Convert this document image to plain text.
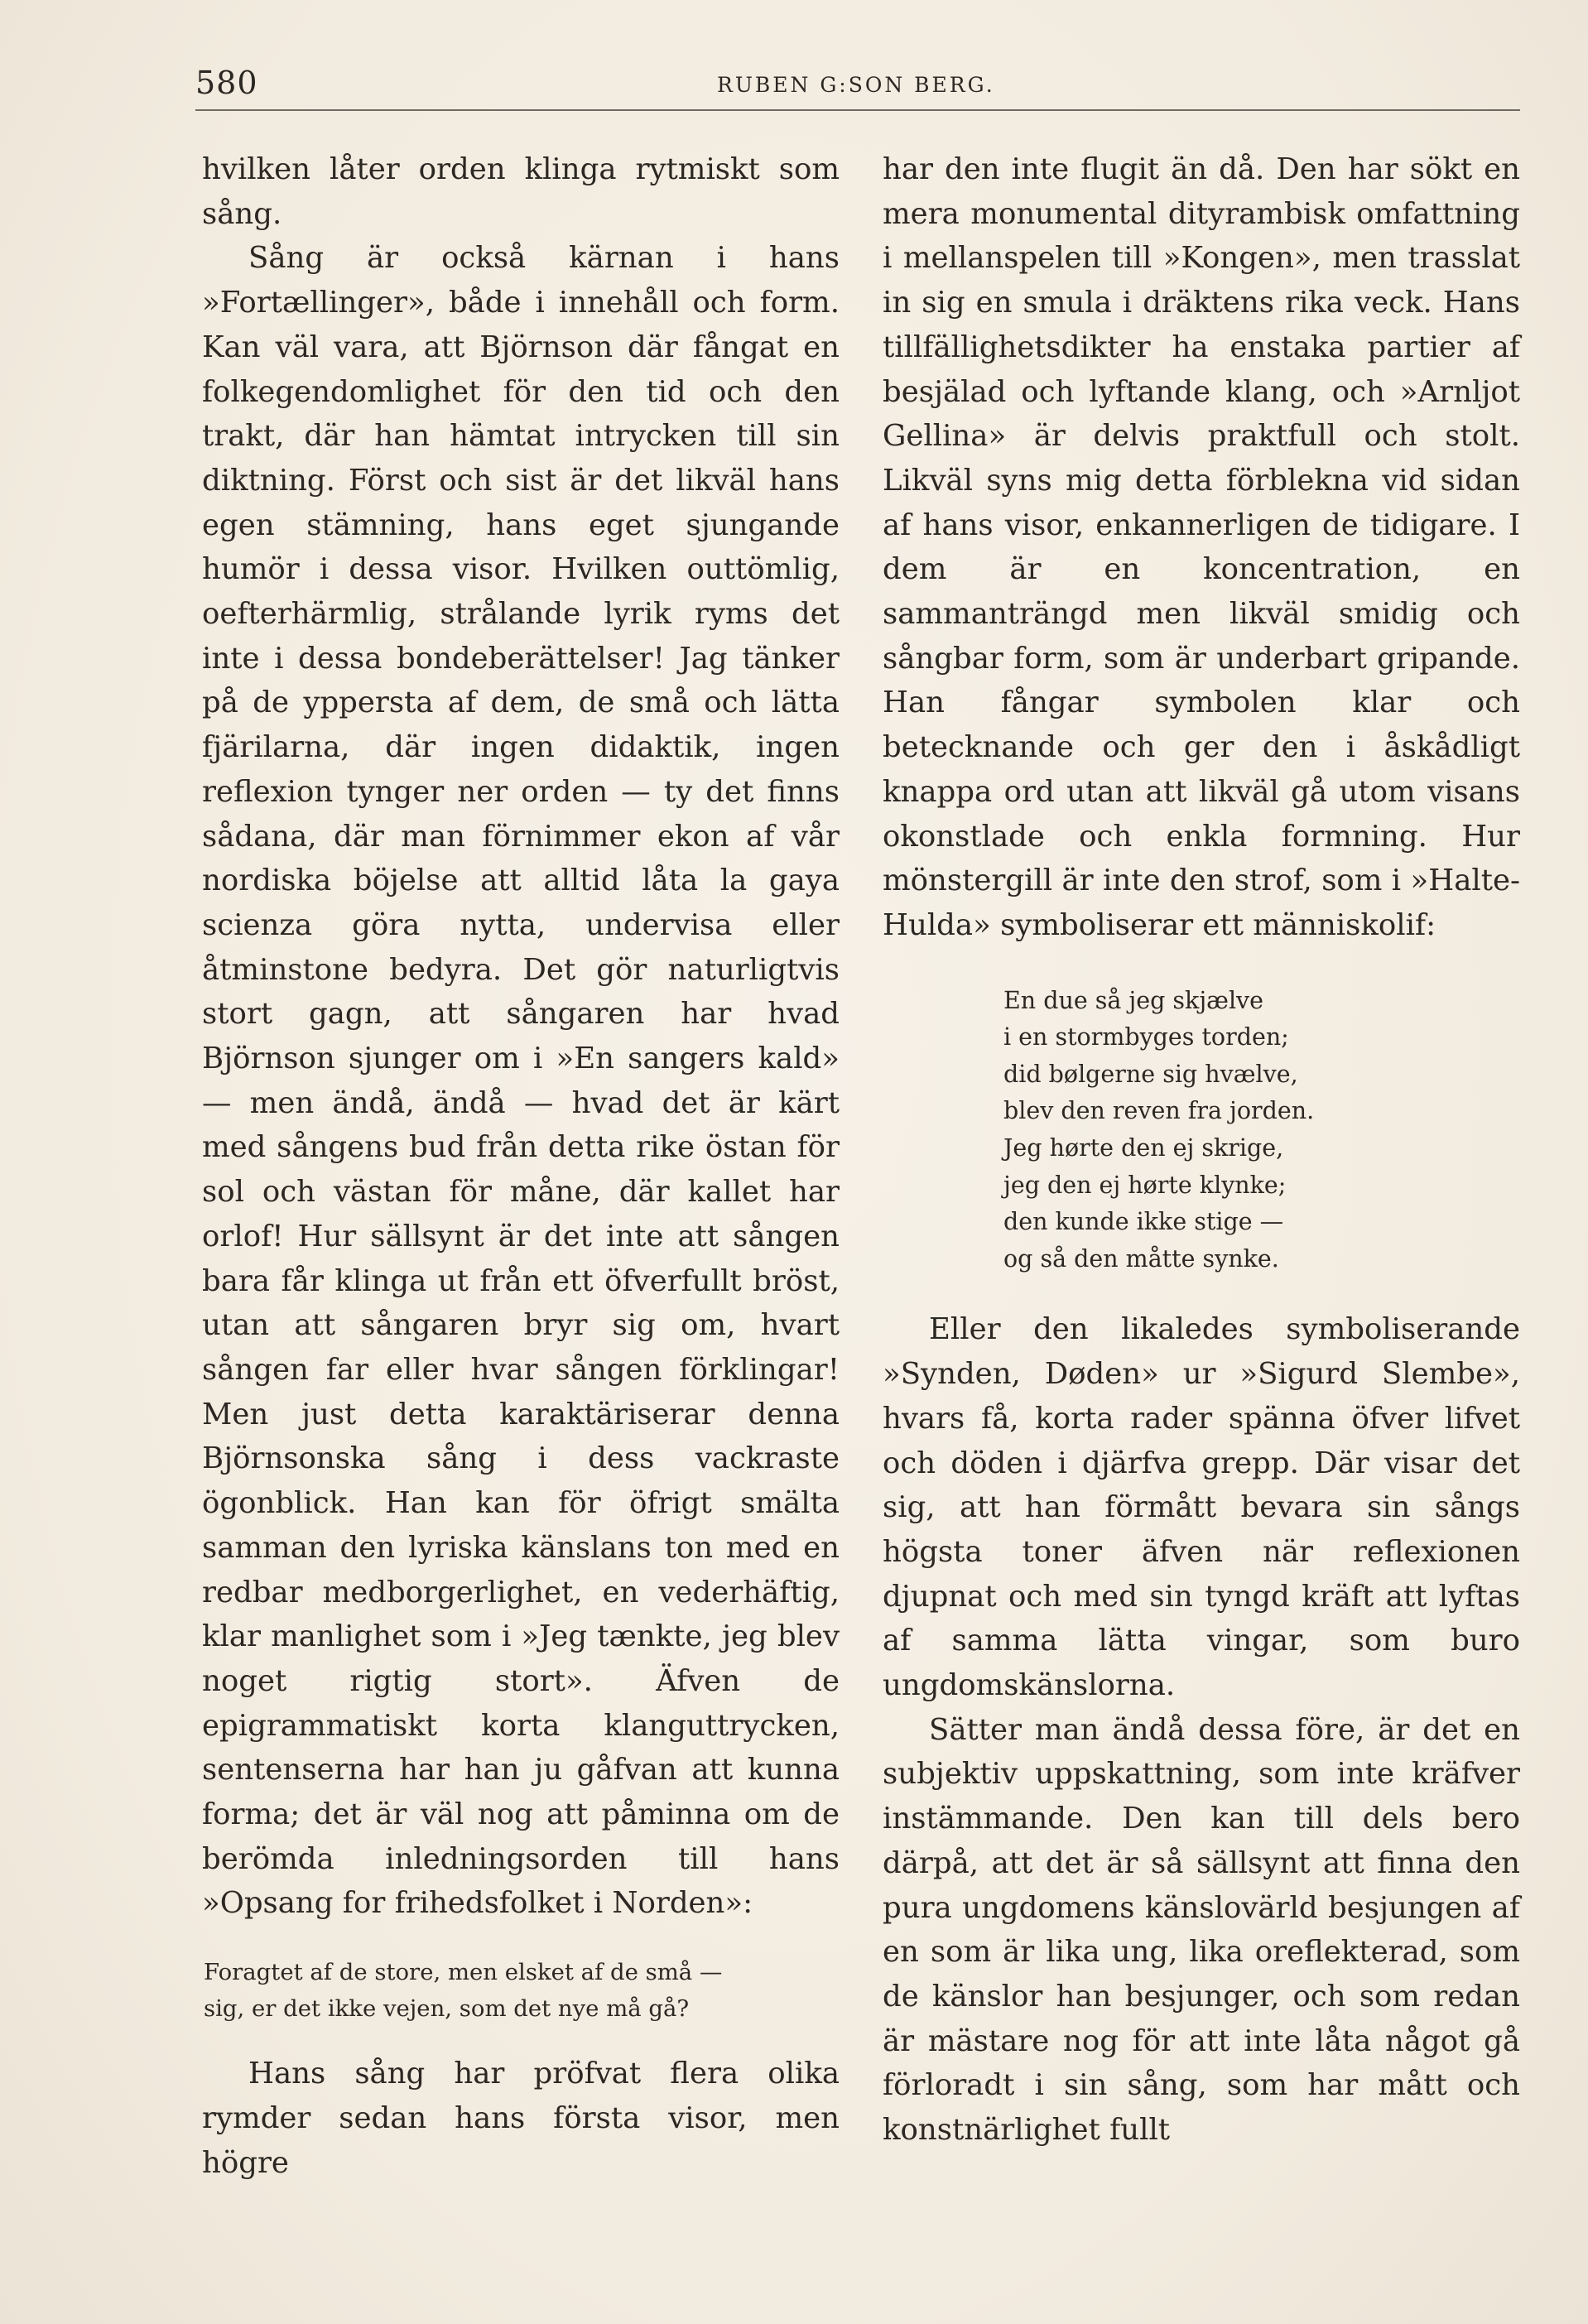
580	RUBEN G:SON BERG.

hvilken låter orden klinga rytmiskt som sång.

Sång är också kärnan i hans »Fortællinger», både i innehåll och form. Kan väl vara, att Björnson där fångat en folkegendomlighet för den tid och den trakt, där han hämtat intrycken till sin diktning. Först och sist är det likväl hans egen stämning, hans eget sjungande humör i dessa visor. Hvilken outtömlig, oefterhärmlig, strålande lyrik ryms det inte i dessa bondeberättelser! Jag tänker på de yppersta af dem, de små och lätta fjärilarna, där ingen didaktik, ingen reflexion tynger ner orden — ty det finns sådana, där man förnimmer ekon af vår nordiska böjelse att alltid låta la gaya scienza göra nytta, undervisa eller åtminstone bedyra. Det gör naturligtvis stort gagn, att sångaren har hvad Björnson sjunger om i »En sangers kald» — men ändå, ändå — hvad det är kärt med sångens bud från detta rike östan för sol och västan för måne, där kallet har orlof! Hur sällsynt är det inte att sången bara får klinga ut från ett öfverfullt bröst, utan att sångaren bryr sig om, hvart sången far eller hvar sången förklingar! Men just detta karaktäriserar denna Björnsonska sång i dess vackraste ögonblick. Han kan för öfrigt smälta samman den lyriska känslans ton med en redbar medborgerlighet, en vederhäftig, klar manlighet som i »Jeg tænkte, jeg blev noget rigtig stort». Äfven de epigrammatiskt korta klanguttrycken, sentenserna har han ju gåfvan att kunna forma; det är väl nog att påminna om de berömda inledningsorden till hans »Opsang for frihedsfolket i Norden»:

Foragtet af de store, men elsket af de små —
sig, er det ikke vejen, som det nye må gå?

Hans sång har pröfvat flera olika rymder sedan hans första visor, men högre

har den inte flugit än då. Den har sökt en mera monumental dityrambisk omfattning i mellanspelen till »Kongen», men trasslat in sig en smula i dräktens rika veck. Hans tillfällighetsdikter ha enstaka partier af besjälad och lyftande klang, och »Arnljot Gellina» är delvis praktfull och stolt. Likväl syns mig detta förblekna vid sidan af hans visor, enkannerligen de tidigare. I dem är en koncentration, en sammanträngd men likväl smidig och sångbar form, som är underbart gripande. Han fångar symbolen klar och betecknande och ger den i åskådligt knappa ord utan att likväl gå utom visans okonstlade och enkla formning. Hur mönstergill är inte den strof, som i »Halte-Hulda» symboliserar ett människolif:

En due så jeg skjælve
i en stormbyges torden;
did bølgerne sig hvælve,
blev den reven fra jorden.
Jeg hørte den ej skrige,
jeg den ej hørte klynke;
den kunde ikke stige —
og så den måtte synke.

Eller den likaledes symboliserande »Synden, Døden» ur »Sigurd Slembe», hvars få, korta rader spänna öfver lifvet och döden i djärfva grepp. Där visar det sig, att han förmått bevara sin sångs högsta toner äfven när reflexionen djupnat och med sin tyngd kräft att lyftas af samma lätta vingar, som buro ungdomskänslorna.

Sätter man ändå dessa före, är det en subjektiv uppskattning, som inte kräfver instämmande. Den kan till dels bero därpå, att det är så sällsynt att finna den pura ungdomens känslovärld besjungen af en som är lika ung, lika oreflekterad, som de känslor han besjunger, och som redan är mästare nog för att inte låta något gå förloradt i sin sång, som har mått och konstnärlighet fullt
